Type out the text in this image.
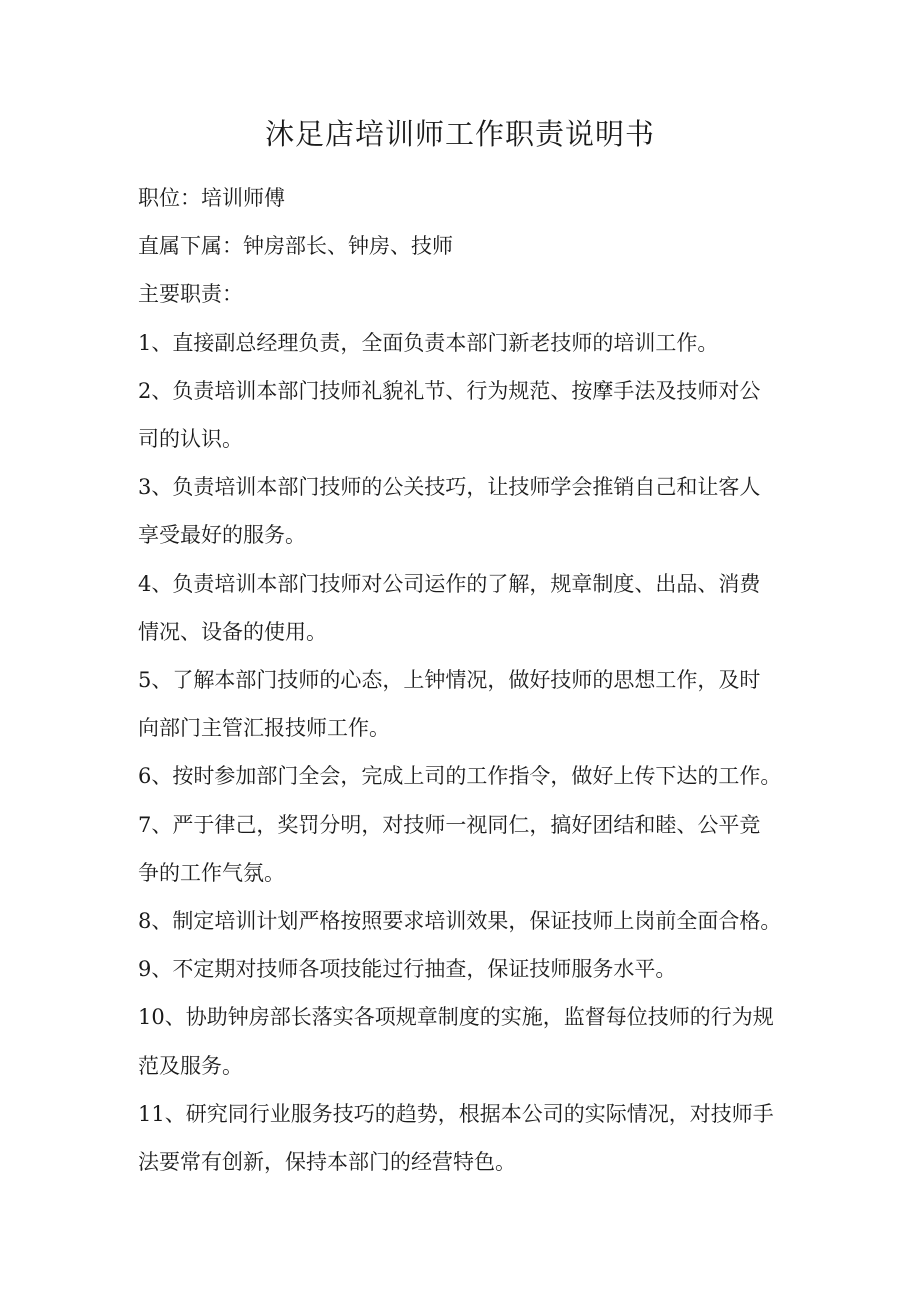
沐足店培训师工作职责说明书

职位：培训师傅

直属下属：钟房部长、钟房、技师

主要职责：

1、直接副总经理负责，全面负责本部门新老技师的培训工作。

2、负责培训本部门技师礼貌礼节、行为规范、按摩手法及技师对公

司的认识。

3、负责培训本部门技师的公关技巧，让技师学会推销自己和让客人

享受最好的服务。

4、负责培训本部门技师对公司运作的了解，规章制度、出品、消费

情况、设备的使用。

5、了解本部门技师的心态，上钟情况，做好技师的思想工作，及时

向部门主管汇报技师工作。

6、按时参加部门全会，完成上司的工作指令，做好上传下达的工作。

7、严于律己，奖罚分明，对技师一视同仁，搞好团结和睦、公平竞

争的工作气氛。

8、制定培训计划严格按照要求培训效果，保证技师上岗前全面合格。

9、不定期对技师各项技能过行抽查，保证技师服务水平。

10、协助钟房部长落实各项规章制度的实施，监督每位技师的行为规

范及服务。

11、研究同行业服务技巧的趋势，根据本公司的实际情况，对技师手

法要常有创新，保持本部门的经营特色。
